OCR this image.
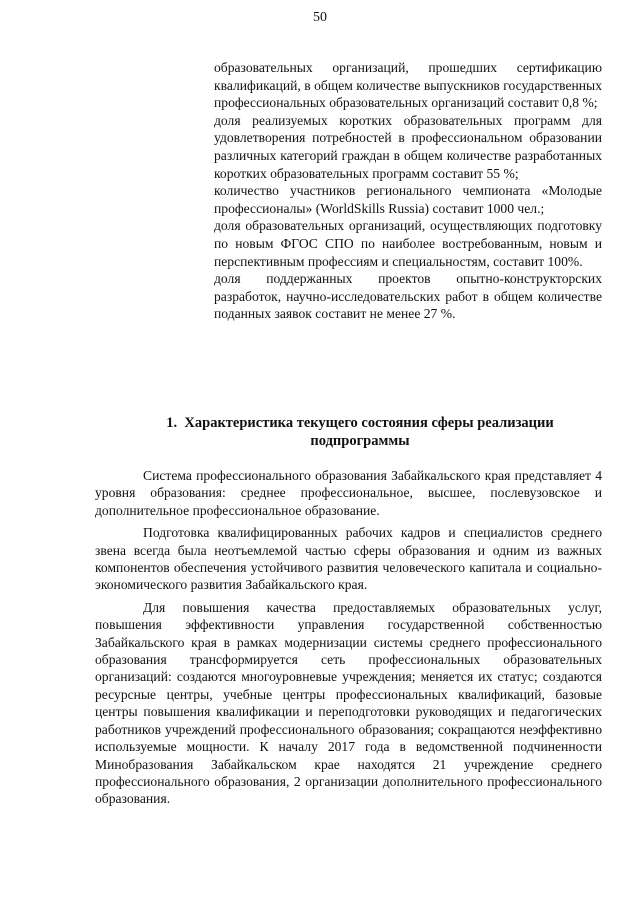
50

образовательных организаций, прошедших сертификацию квалификаций, в общем количестве выпускников государственных профессиональных образовательных организаций составит 0,8 %;

доля реализуемых коротких образовательных программ для удовлетворения потребностей в профессиональном образовании различных категорий граждан в общем количестве разработанных коротких образовательных программ составит 55 %;

количество участников регионального чемпионата «Молодые профессионалы» (WorldSkills Russia) составит 1000 чел.;

доля образовательных организаций, осуществляющих подготовку по новым ФГОС СПО по наиболее востребованным, новым и перспективным профессиям и специальностям, составит 100%.

доля поддержанных проектов опытно-конструкторских разработок, научно-исследовательских работ в общем количестве поданных заявок составит не менее 27 %.

1. Характеристика текущего состояния сферы реализации

подпрограммы

Система профессионального образования Забайкальского края представляет 4 уровня образования: среднее профессиональное, высшее, послевузовское и дополнительное профессиональное образование.

Подготовка квалифицированных рабочих кадров и специалистов среднего звена всегда была неотъемлемой частью сферы образования и одним из важных компонентов обеспечения устойчивого развития человеческого капитала и социально-экономического развития Забайкальского края.

Для повышения качества предоставляемых образовательных услуг, повышения эффективности управления государственной собственностью Забайкальского края в рамках модернизации системы среднего профессионального образования трансформируется сеть профессиональных образовательных организаций: создаются многоуровневые учреждения; меняется их статус; создаются ресурсные центры, учебные центры профессиональных квалификаций, базовые центры повышения квалификации и переподготовки руководящих и педагогических работников учреждений профессионального образования; сокращаются неэффективно используемые мощности. К началу 2017 года в ведомственной подчиненности Минобразования Забайкальском крае находятся 21 учреждение среднего профессионального образования, 2 организации дополнительного профессионального образования.
